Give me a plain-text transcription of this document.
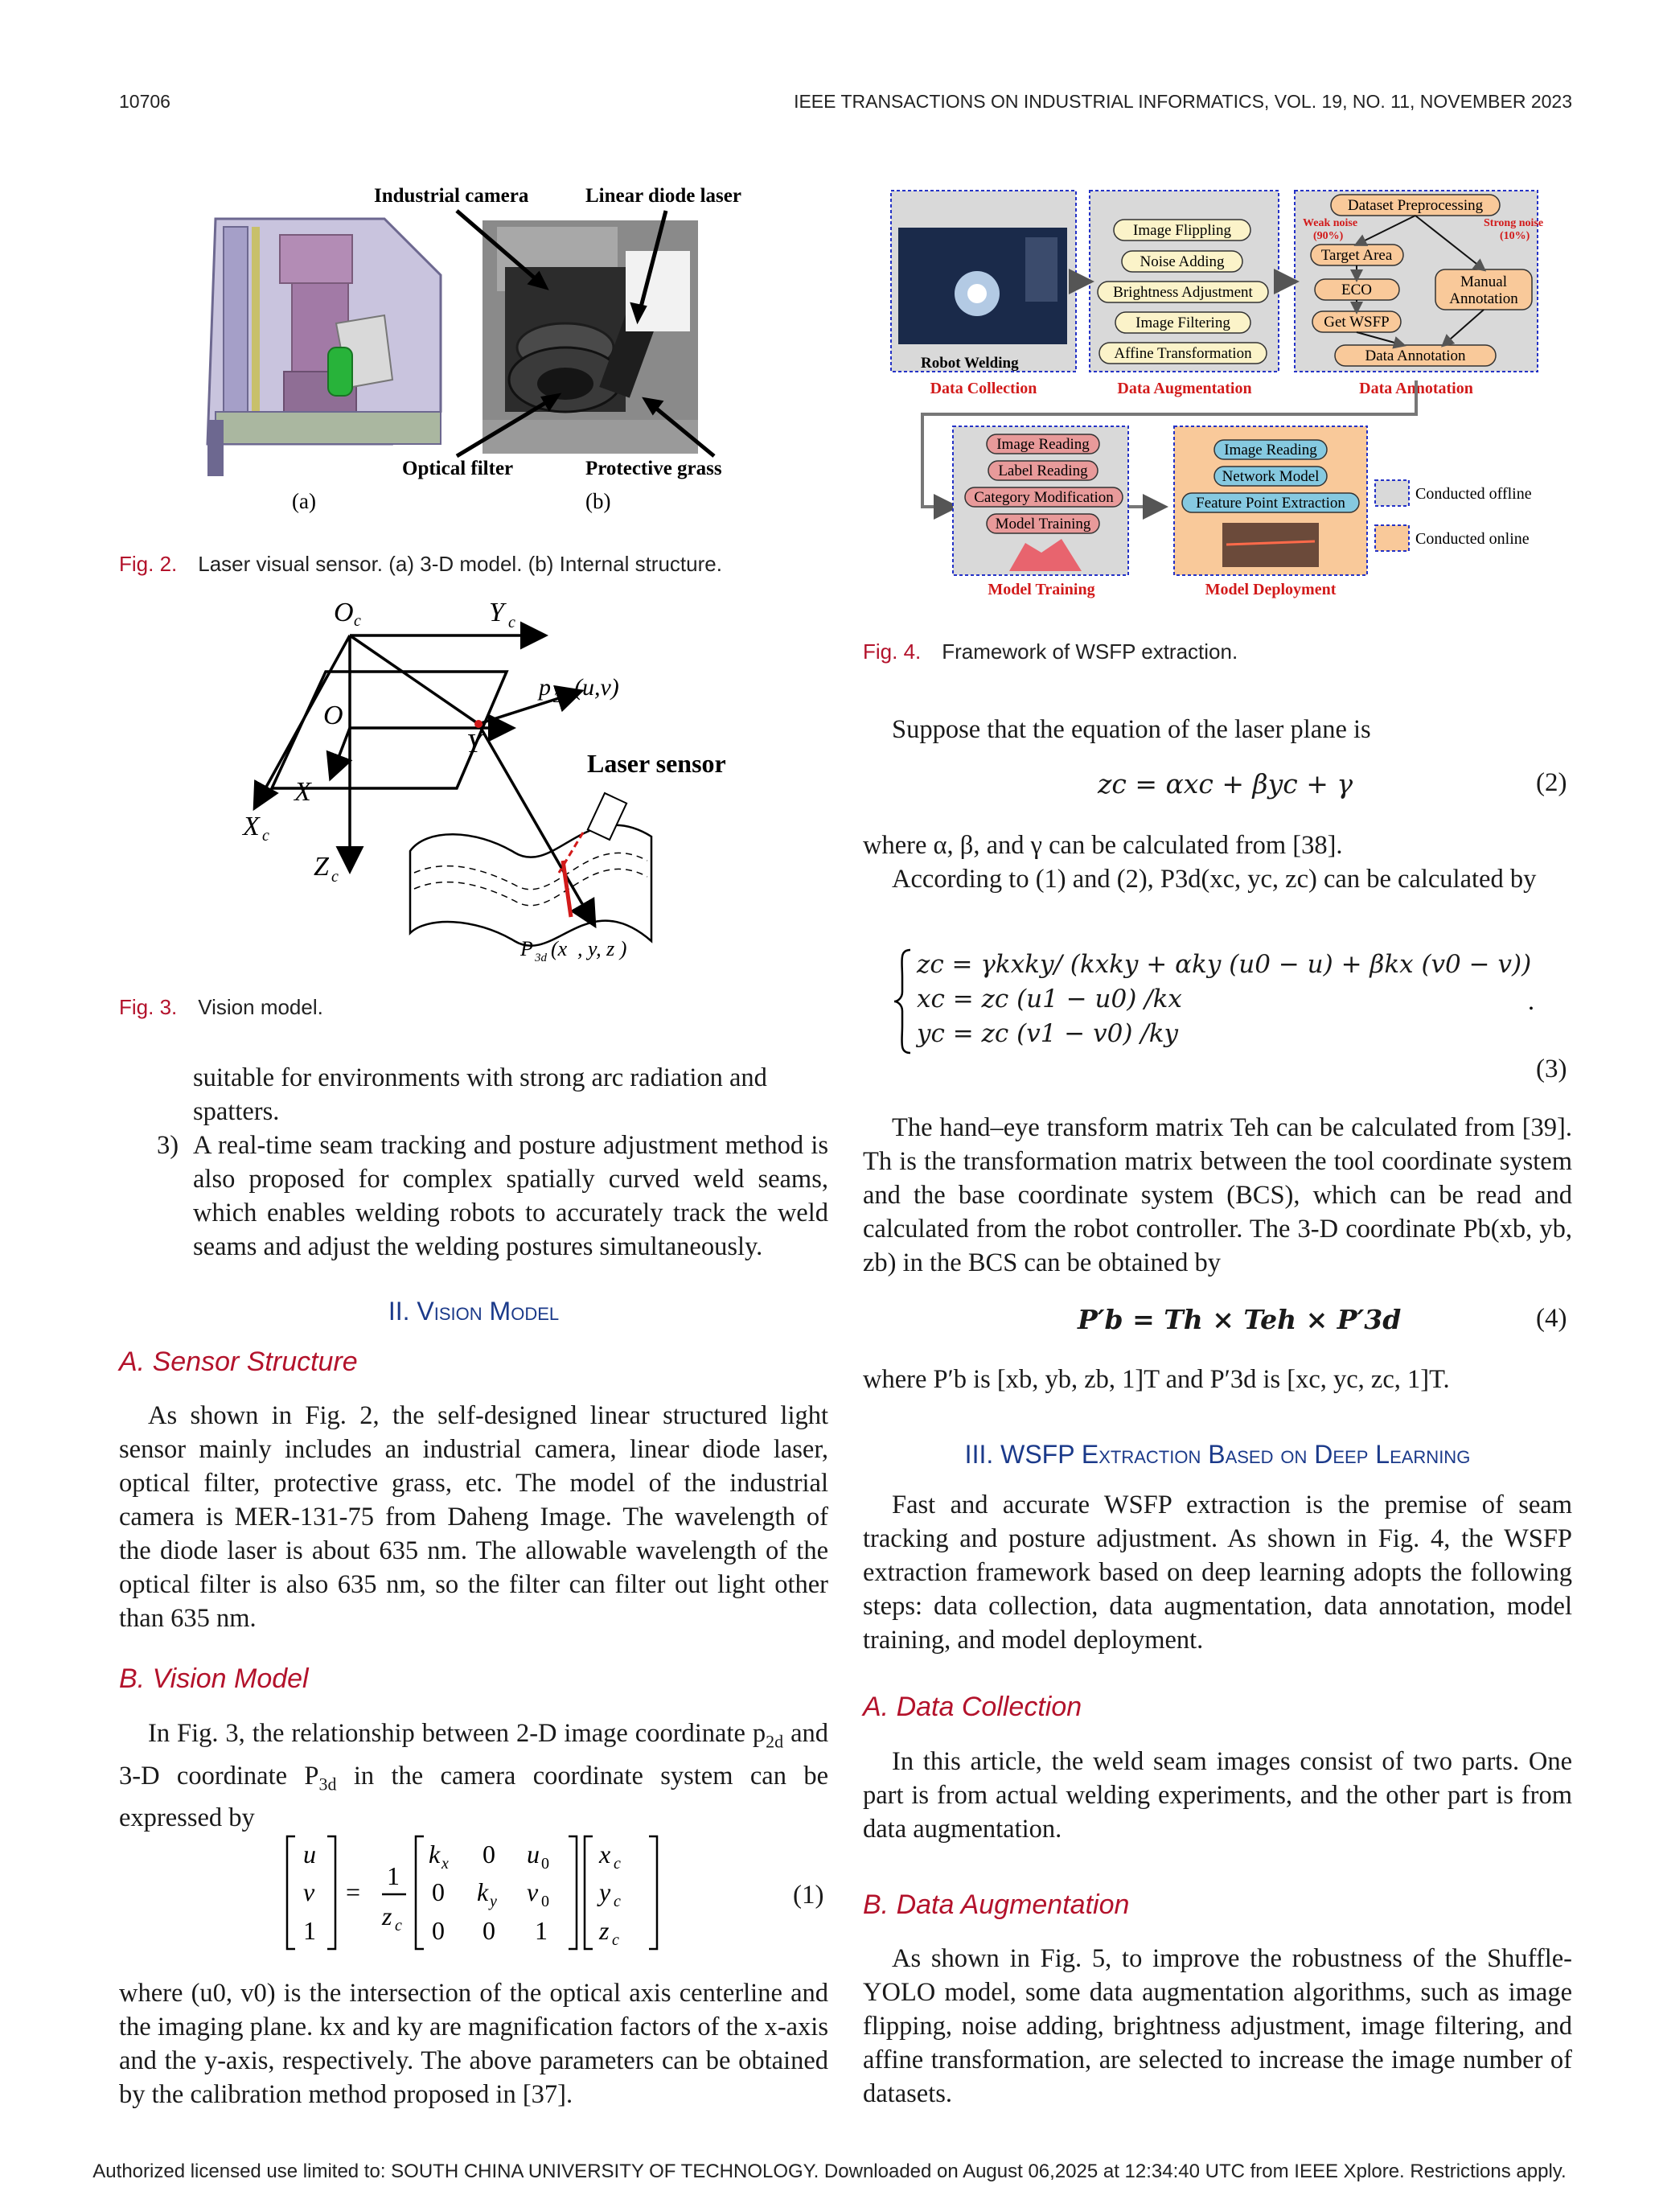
10706	IEEE TRANSACTIONS ON INDUSTRIAL INFORMATICS, VOL. 19, NO. 11, NOVEMBER 2023
Industrial camera	Linear diode laser
Optical filter	Protective grass
(a)	(b)
Fig. 2. Laser visual sensor. (a) 3-D model. (b) Internal structure.
O c	Y c
O
X
Y
X c
Z c
p 2d (u,v)
P 3d (x , y, z )
Laser sensor
Fig. 3. Vision model.

suitable for environments with strong arc radiation and

spatters.

3) A real-time seam tracking and posture adjustment method is also proposed for complex spatially curved weld seams, which enables welding robots to accurately track the weld seams and adjust the welding postures simultaneously.
II. Vision Model
A. Sensor Structure

As shown in Fig. 2, the self-designed linear structured light sensor mainly includes an industrial camera, linear diode laser, optical filter, protective grass, etc. The model of the industrial camera is MER-131-75 from Daheng Image. The wavelength of the diode laser is about 635 nm. The allowable wavelength of the optical filter is also 635 nm, so the filter can filter out light other than 635 nm.

B. Vision Model

In Fig. 3, the relationship between 2-D image coordinate $p_{2d}$ and 3-D coordinate $P_{3d}$ in the camera coordinate system can be expressed by

u
v
1
=
1
z c
k x 0 u 0
0 k y v 0
0 0 1
x c
y c
z c
(1)

where (u0, v0) is the intersection of the optical axis centerline and the imaging plane. kx and ky are magnification factors of the x-axis and the y-axis, respectively. The above parameters can be obtained by the calibration method proposed in [37].

Robot Welding
Image Flippling
Noise Adding
Brightness Adjustment
Image Filtering
Affine Transformation
Dataset Preprocessing
Target Area
ECO
Get WSFP
Manual
Annotation
Data Annotation
Weak noise
(90%)
Strong noise
(10%)
Data Collection	Data Augmentation	Data Annotation
Image Reading
Label Reading
Category Modification
Model Training
Image Reading
Network Model
Feature Point Extraction
Model Training	Model Deployment
Conducted offline
Conducted online
Fig. 4. Framework of WSFP extraction.

Suppose that the equation of the laser plane is

zc = αxc + βyc + γ	(2)

where α, β, and γ can be calculated from [38].

According to (1) and (2), P3d(xc, yc, zc) can be calculated by

.
zc = γkxky/ (kxky + αky (u0 − u) + βkx (v0 − v))
xc = zc (u1 − u0) /kx
yc = zc (v1 − v0) /ky
(3)

The hand–eye transform matrix Teh can be calculated from [39]. Th is the transformation matrix between the tool coordinate system and the base coordinate system (BCS), which can be read and calculated from the robot controller. The 3-D coordinate Pb(xb, yb, zb) in the BCS can be obtained by

P′b = Th × Teh × P′3d	(4)

where P′b is [xb, yb, zb, 1]T and P′3d is [xc, yc, zc, 1]T.

III. WSFP Extraction Based on Deep Learning

Fast and accurate WSFP extraction is the premise of seam tracking and posture adjustment. As shown in Fig. 4, the WSFP extraction framework based on deep learning adopts the following steps: data collection, data augmentation, data annotation, model training, and model deployment.

A. Data Collection

In this article, the weld seam images consist of two parts. One part is from actual welding experiments, and the other part is from data augmentation.

B. Data Augmentation

As shown in Fig. 5, to improve the robustness of the Shuffle-YOLO model, some data augmentation algorithms, such as image flipping, noise adding, brightness adjustment, image filtering, and affine transformation, are selected to increase the image number of datasets.

Authorized licensed use limited to: SOUTH CHINA UNIVERSITY OF TECHNOLOGY. Downloaded on August 06,2025 at 12:34:40 UTC from IEEE Xplore. Restrictions apply.
